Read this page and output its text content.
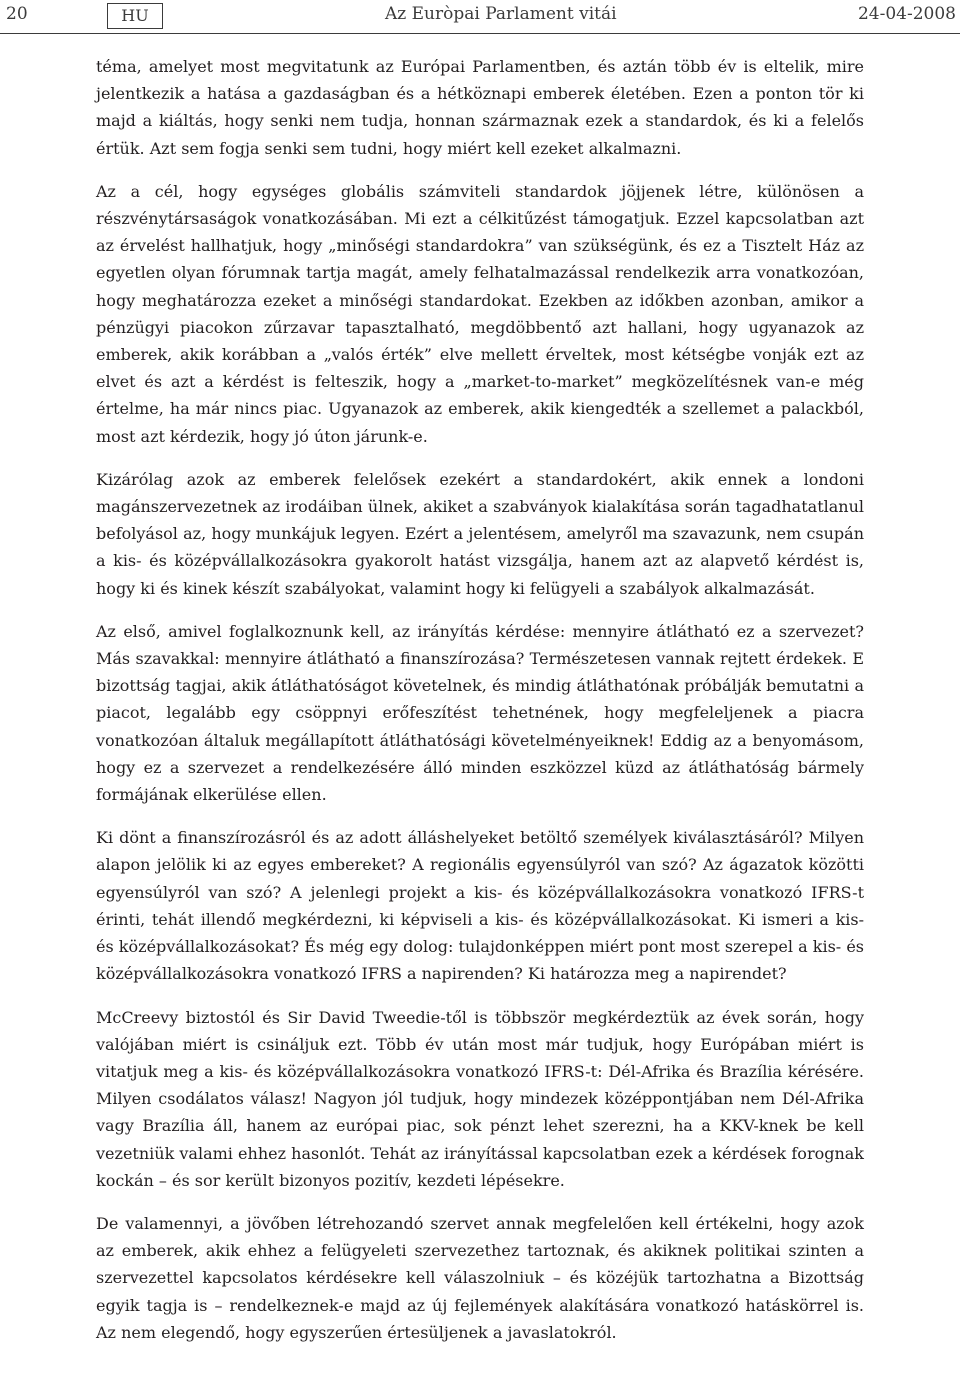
20	HU	Az Euròpai Parlament vitái	24-04-2008

téma, amelyet most megvitatunk az Európai Parlamentben, és aztán több év is eltelik, mire jelentkezik a hatása a gazdaságban és a hétköznapi emberek életében. Ezen a ponton tör ki majd a kiáltás, hogy senki nem tudja, honnan származnak ezek a standardok, és ki a felelős értük. Azt sem fogja senki sem tudni, hogy miért kell ezeket alkalmazni.

Az a cél, hogy egységes globális számviteli standardok jöjjenek létre, különösen a részvénytársaságok vonatkozásában. Mi ezt a célkitűzést támogatjuk. Ezzel kapcsolatban azt az érvelést hallhatjuk, hogy „minőségi standardokra” van szükségünk, és ez a Tisztelt Ház az egyetlen olyan fórumnak tartja magát, amely felhatalmazással rendelkezik arra vonatkozóan, hogy meghatározza ezeket a minőségi standardokat. Ezekben az időkben azonban, amikor a pénzügyi piacokon zűrzavar tapasztalható, megdöbbentő azt hallani, hogy ugyanazok az emberek, akik korábban a „valós érték” elve mellett érveltek, most kétségbe vonják ezt az elvet és azt a kérdést is felteszik, hogy a „market-to-market” megközelítésnek van-e még értelme, ha már nincs piac. Ugyanazok az emberek, akik kiengedték a szellemet a palackból, most azt kérdezik, hogy jó úton járunk-e.

Kizárólag azok az emberek felelősek ezekért a standardokért, akik ennek a londoni magánszervezetnek az irodáiban ülnek, akiket a szabványok kialakítása során tagadhatatlanul befolyásol az, hogy munkájuk legyen. Ezért a jelentésem, amelyről ma szavazunk, nem csupán a kis- és középvállalkozásokra gyakorolt hatást vizsgálja, hanem azt az alapvető kérdést is, hogy ki és kinek készít szabályokat, valamint hogy ki felügyeli a szabályok alkalmazását.

Az első, amivel foglalkoznunk kell, az irányítás kérdése: mennyire átlátható ez a szervezet? Más szavakkal: mennyire átlátható a finanszírozása? Természetesen vannak rejtett érdekek. E bizottság tagjai, akik átláthatóságot követelnek, és mindig átláthatónak próbálják bemutatni a piacot, legalább egy csöppnyi erőfeszítést tehetnének, hogy megfeleljenek a piacra vonatkozóan általuk megállapított átláthatósági követelményeiknek! Eddig az a benyomásom, hogy ez a szervezet a rendelkezésére álló minden eszközzel küzd az átláthatóság bármely formájának elkerülése ellen.

Ki dönt a finanszírozásról és az adott álláshelyeket betöltő személyek kiválasztásáról? Milyen alapon jelölik ki az egyes embereket? A regionális egyensúlyról van szó? Az ágazatok közötti egyensúlyról van szó? A jelenlegi projekt a kis- és középvállalkozásokra vonatkozó IFRS-t érinti, tehát illendő megkérdezni, ki képviseli a kis- és középvállalkozásokat. Ki ismeri a kis- és középvállalkozásokat? És még egy dolog: tulajdonképpen miért pont most szerepel a kis- és középvállalkozásokra vonatkozó IFRS a napirenden? Ki határozza meg a napirendet?

McCreevy biztostól és Sir David Tweedie-től is többször megkérdeztük az évek során, hogy valójában miért is csináljuk ezt. Több év után most már tudjuk, hogy Európában miért is vitatjuk meg a kis- és középvállalkozásokra vonatkozó IFRS-t: Dél-Afrika és Brazília kérésére. Milyen csodálatos válasz! Nagyon jól tudjuk, hogy mindezek középpontjában nem Dél-Afrika vagy Brazília áll, hanem az európai piac, sok pénzt lehet szerezni, ha a KKV-knek be kell vezetniük valami ehhez hasonlót. Tehát az irányítással kapcsolatban ezek a kérdések forognak kockán – és sor került bizonyos pozitív, kezdeti lépésekre.

De valamennyi, a jövőben létrehozandó szervet annak megfelelően kell értékelni, hogy azok az emberek, akik ehhez a felügyeleti szervezethez tartoznak, és akiknek politikai szinten a szervezettel kapcsolatos kérdésekre kell válaszolniuk – és közéjük tartozhatna a Bizottság egyik tagja is – rendelkeznek-e majd az új fejlemények alakítására vonatkozó hatáskörrel is. Az nem elegendő, hogy egyszerűen értesüljenek a javaslatokról.
